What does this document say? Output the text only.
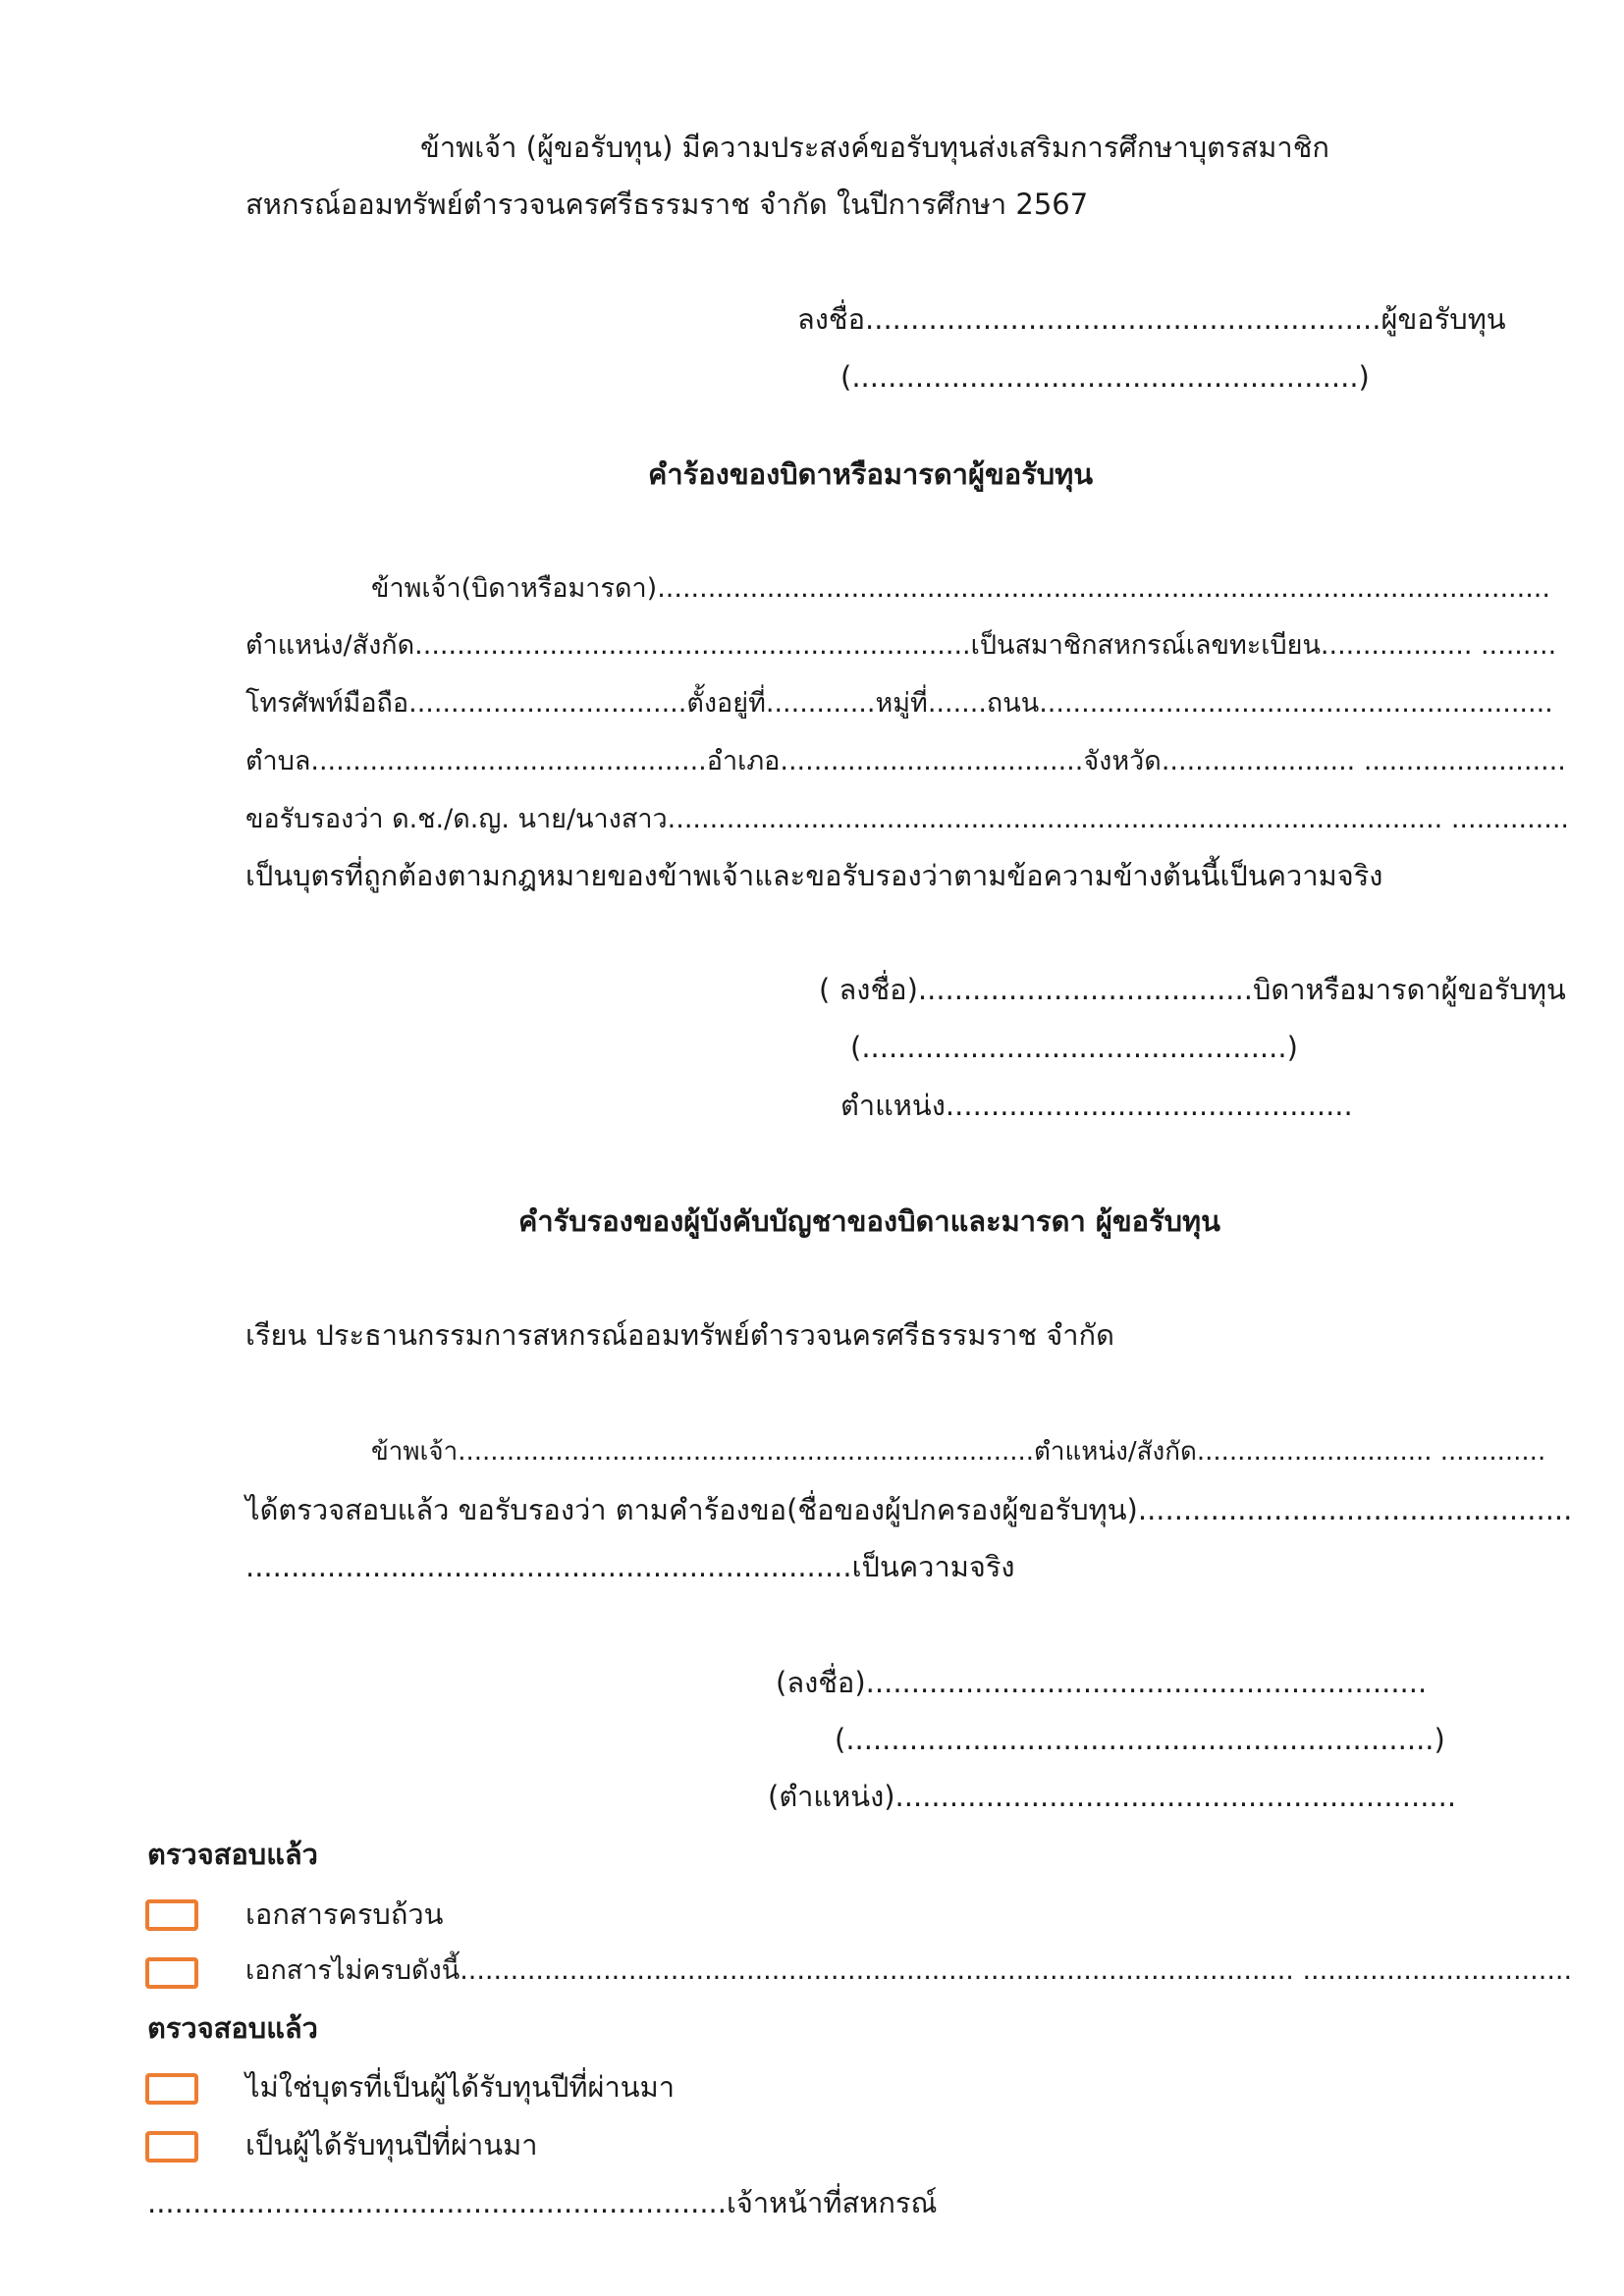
ข้าพเจ้า (ผู้ขอรับทุน) มีความประสงค์ขอรับทุนส่งเสริมการศึกษาบุตรสมาชิก
สหกรณ์ออมทรัพย์ตำรวจนครศรีธรรมราช จำกัด ในปีการศึกษา 2567
ลงชื่อ.........................................................ผู้ขอรับทุน
(........................................................)
คำร้องของบิดาหรือมารดาผู้ขอรับทุน
ข้าพเจ้า(บิดาหรือมารดา)..........................................................................................................
ตำแหน่ง/สังกัด..................................................................เป็นสมาชิกสหกรณ์เลขทะเบียน.................. .........
โทรศัพท์มือถือ.................................ตั้งอยู่ที่.............หมู่ที่.......ถนน.............................................................
ตำบล...............................................อำเภอ....................................จังหวัด....................... ........................
ขอรับรองว่า ด.ช./ด.ญ. นาย/นางสาว............................................................................................ ..............
เป็นบุตรที่ถูกต้องตามกฎหมายของข้าพเจ้าและขอรับรองว่าตามข้อความข้างต้นนี้เป็นความจริง
( ลงชื่อ).....................................บิดาหรือมารดาผู้ขอรับทุน
(...............................................)
ตำแหน่ง.............................................
คำรับรองของผู้บังคับบัญชาของบิดาและมารดา ผู้ขอรับทุน
เรียน ประธานกรรมการสหกรณ์ออมทรัพย์ตำรวจนครศรีธรรมราช จำกัด
ข้าพเจ้า.......................................................................ตำแหน่ง/สังกัด............................. .............
ได้ตรวจสอบแล้ว ขอรับรองว่า ตามคำร้องขอ(ชื่อของผู้ปกครองผู้ขอรับทุน)................................................
...................................................................เป็นความจริง
(ลงชื่อ)..............................................................
(.................................................................)
(ตำแหน่ง)..............................................................
ตรวจสอบแล้ว
เอกสารครบถ้วน
เอกสารไม่ครบดังนี้................................................................................................... ................................
ตรวจสอบแล้ว
ไม่ใช่บุตรที่เป็นผู้ได้รับทุนปีที่ผ่านมา
เป็นผู้ได้รับทุนปีที่ผ่านมา
................................................................เจ้าหน้าที่สหกรณ์
